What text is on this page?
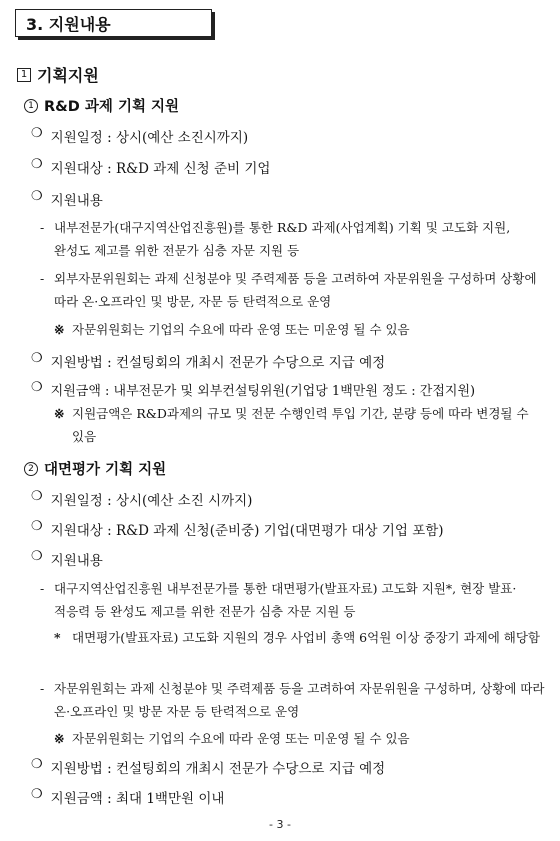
3. 지원내용
1 기획지원
1 R&D 과제 기획 지원
❍ 지원일정 : 상시(예산 소진시까지)
❍ 지원대상 : R&D 과제 신청 준비 기업
❍ 지원내용
- 내부전문가(대구지역산업진흥원)를 통한 R&D 과제(사업계획) 기획 및 고도화 지원, 완성도 제고를 위한 전문가 심층 자문 지원 등
- 외부자문위원회는 과제 신청분야 및 주력제품 등을 고려하여 자문위원을 구성하며 상황에 따라 온·오프라인 및 방문, 자문 등 탄력적으로 운영
※ 자문위원회는 기업의 수요에 따라 운영 또는 미운영 될 수 있음
❍ 지원방법 : 컨설팅회의 개최시 전문가 수당으로 지급 예정
❍ 지원금액 : 내부전문가 및 외부컨설팅위원(기업당 1백만원 정도 : 간접지원)
※ 지원금액은 R&D과제의 규모 및 전문 수행인력 투입 기간, 분량 등에 따라 변경될 수 있음
2 대면평가 기획 지원
❍ 지원일정 : 상시(예산 소진 시까지)
❍ 지원대상 : R&D 과제 신청(준비중) 기업(대면평가 대상 기업 포함)
❍ 지원내용
- 대구지역산업진흥원 내부전문가를 통한 대면평가(발표자료) 고도화 지원*, 현장 발표·적응력 등 완성도 제고를 위한 전문가 심층 자문 지원 등
* 대면평가(발표자료) 고도화 지원의 경우 사업비 총액 6억원 이상 중장기 과제에 해당함
- 자문위원회는 과제 신청분야 및 주력제품 등을 고려하여 자문위원을 구성하며, 상황에 따라 온·오프라인 및 방문 자문 등 탄력적으로 운영
※ 자문위원회는 기업의 수요에 따라 운영 또는 미운영 될 수 있음
❍ 지원방법 : 컨설팅회의 개최시 전문가 수당으로 지급 예정
❍ 지원금액 : 최대 1백만원 이내
- 3 -
